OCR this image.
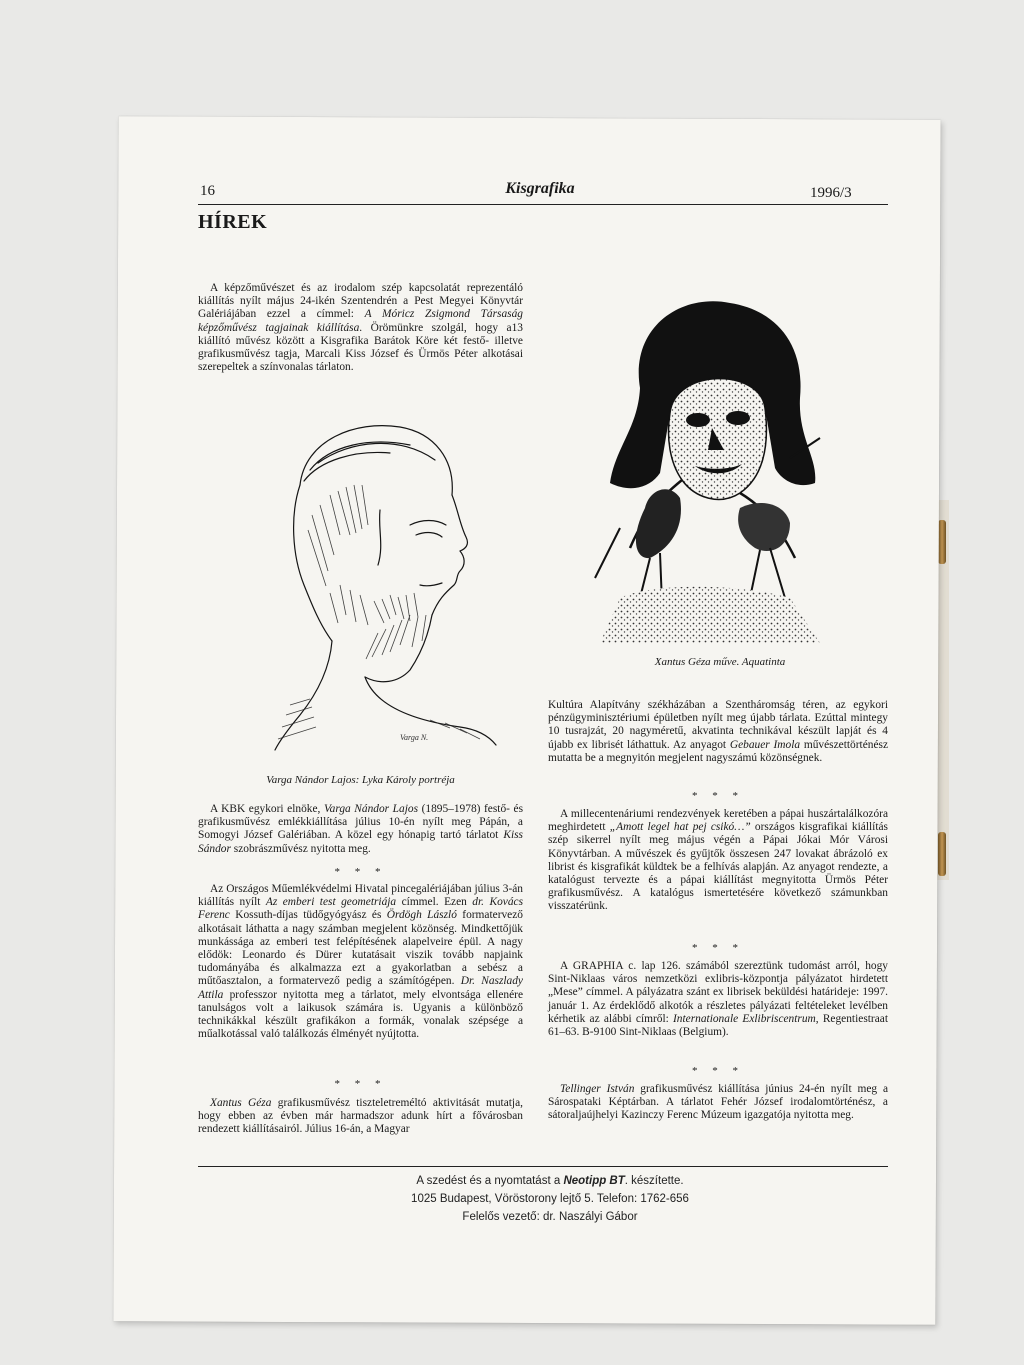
16	Kisgrafika	1996/3
HÍREK

A képzőművészet és az irodalom szép kapcsolatát reprezentáló kiállítás nyílt május 24-ikén Szentendrén a Pest Megyei Könyvtár Galériájában ezzel a címmel: A Móricz Zsigmond Társaság képzőművész tagjainak kiállítása. Örömünkre szolgál, hogy a13 kiállító művész között a Kisgrafika Barátok Köre két festő- illetve grafikusművész tagja, Marcali Kiss József és Ürmös Péter alkotásai szerepeltek a színvonalas tárlaton.

Varga N.
Varga Nándor Lajos: Lyka Károly portréja

A KBK egykori elnöke, Varga Nándor Lajos (1895–1978) festő- és grafikusművész emlékkiállítása július 10-én nyílt meg Pápán, a Somogyi József Galériában. A közel egy hónapig tartó tárlatot Kiss Sándor szobrászművész nyitotta meg.

* * *

Az Országos Műemlékvédelmi Hivatal pincegalériájában július 3-án kiállítás nyílt Az emberi test geometriája címmel. Ezen dr. Kovács Ferenc Kossuth-díjas tüdőgyógyász és Ördögh László formatervező alkotásait láthatta a nagy számban megjelent közönség. Mindkettőjük munkássága az emberi test felépítésének alapelveire épül. A nagy elődök: Leonardo és Dürer kutatásait viszik tovább napjaink tudományába és alkalmazza ezt a gyakorlatban a sebész a műtőasztalon, a formatervező pedig a számítógépen. Dr. Naszlady Attila professzor nyitotta meg a tárlatot, mely elvontsága ellenére tanulságos volt a laikusok számára is. Ugyanis a különböző technikákkal készült grafikákon a formák, vonalak szépsége a műalkotással való találkozás élményét nyújtotta.

* * *

Xantus Géza grafikusművész tiszteletreméltó aktivitását mutatja, hogy ebben az évben már harmadszor adunk hírt a fővárosban rendezett kiállításairól. Július 16-án, a Magyar

Xantus Géza műve. Aquatinta

Kultúra Alapítvány székházában a Szentháromság téren, az egykori pénzügyminisztériumi épületben nyílt meg újabb tárlata. Ezúttal mintegy 10 tusrajzát, 20 nagyméretű, akvatinta technikával készült lapját és 4 újabb ex librisét láthattuk. Az anyagot Gebauer Imola művészettörténész mutatta be a megnyitón megjelent nagyszámú közönségnek.

* * *

A millecentenáriumi rendezvények keretében a pápai huszártalálkozóra meghirdetett „Amott legel hat pej csikó…” országos kisgrafikai kiállítás szép sikerrel nyílt meg május végén a Pápai Jókai Mór Városi Könyvtárban. A művészek és gyűjtők összesen 247 lovakat ábrázoló ex librist és kisgrafikát küldtek be a felhívás alapján. Az anyagot rendezte, a katalógust tervezte és a pápai kiállítást megnyitotta Ürmös Péter grafikusművész. A katalógus ismertetésére következő számunkban visszatérünk.

* * *

A GRAPHIA c. lap 126. számából szereztünk tudomást arról, hogy Sint-Niklaas város nemzetközi exlibris-központja pályázatot hirdetett „Mese” címmel. A pályázatra szánt ex librisek beküldési határideje: 1997. január 1. Az érdeklődő alkotók a részletes pályázati feltételeket levélben kérhetik az alábbi címről: Internationale Exlibriscentrum, Regentiestraat 61–63. B-9100 Sint-Niklaas (Belgium).

* * *

Tellinger István grafikusművész kiállítása június 24-én nyílt meg a Sárospataki Képtárban. A tárlatot Fehér József irodalomtörténész, a sátoraljaújhelyi Kazinczy Ferenc Múzeum igazgatója nyitotta meg.

A szedést és a nyomtatást a Neotipp BT. készítette.
1025 Budapest, Vöröstorony lejtő 5. Telefon: 1762-656
Felelős vezető: dr. Naszályi Gábor
